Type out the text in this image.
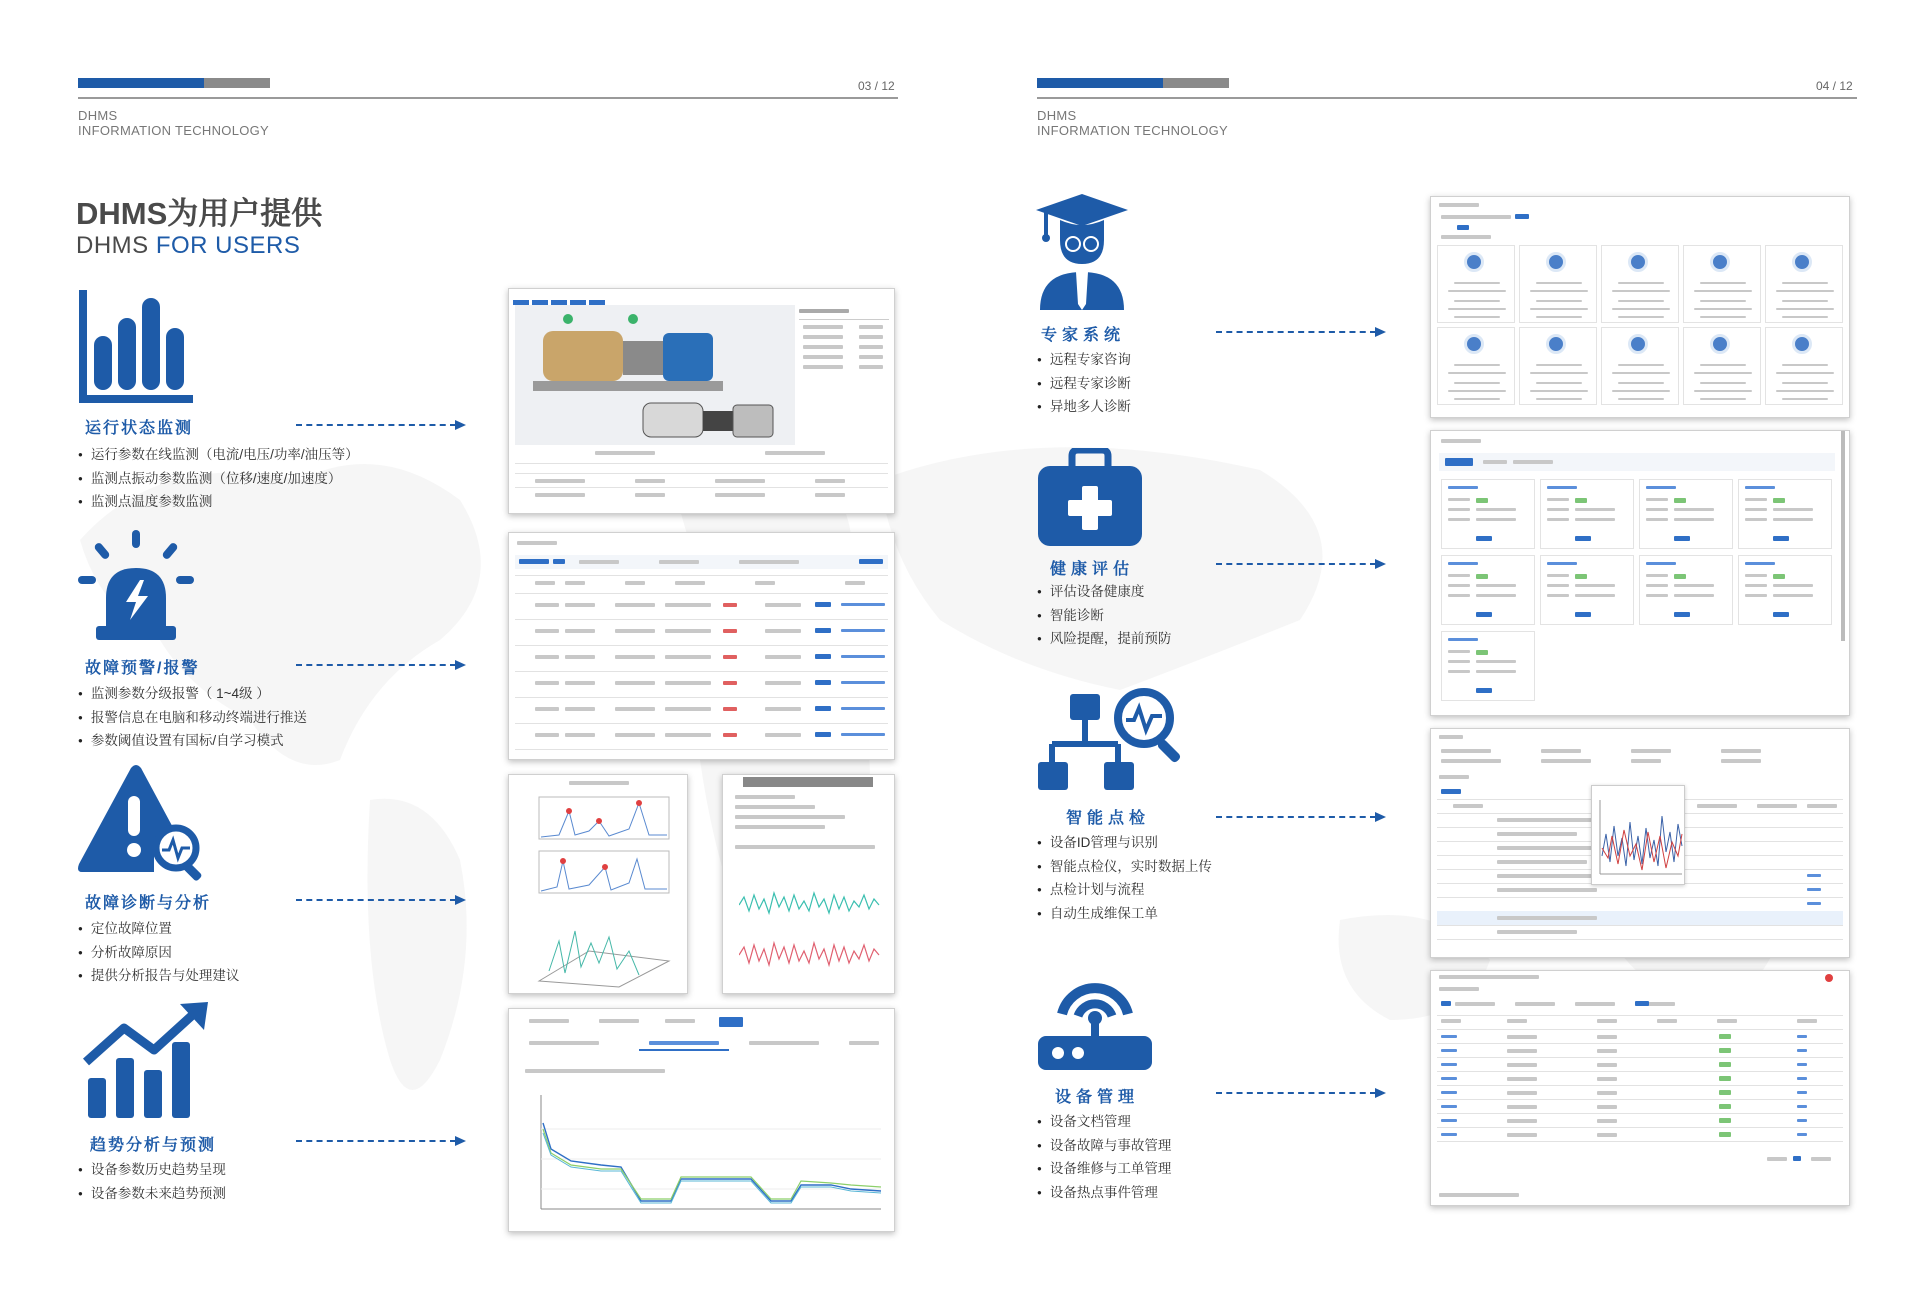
03 / 12
DHMS
INFORMATION TECHNOLOGY
DHMS为用户提供
DHMS FOR USERS
04 / 12
DHMS
INFORMATION TECHNOLOGY
运行状态监测
● 运行参数在线监测（电流/电压/功率/油压等）
● 监测点振动参数监测（位移/速度/加速度）
● 监测点温度参数监测
故障预警/报警
● 监测参数分级报警（ 1~4级 ）
● 报警信息在电脑和移动终端进行推送
● 参数阈值设置有国标/自学习模式
故障诊断与分析
● 定位故障位置
● 分析故障原因
● 提供分析报告与处理建议
趋势分析与预测
● 设备参数历史趋势呈现
● 设备参数未来趋势预测
专家系统
● 远程专家咨询
● 远程专家诊断
● 异地多人诊断
健康评估
● 评估设备健康度
● 智能诊断
● 风险提醒，提前预防
智能点检
● 设备ID管理与识别
● 智能点检仪，实时数据上传
● 点检计划与流程
● 自动生成维保工单
设备管理
● 设备文档管理
● 设备故障与事故管理
● 设备维修与工单管理
● 设备热点事件管理
